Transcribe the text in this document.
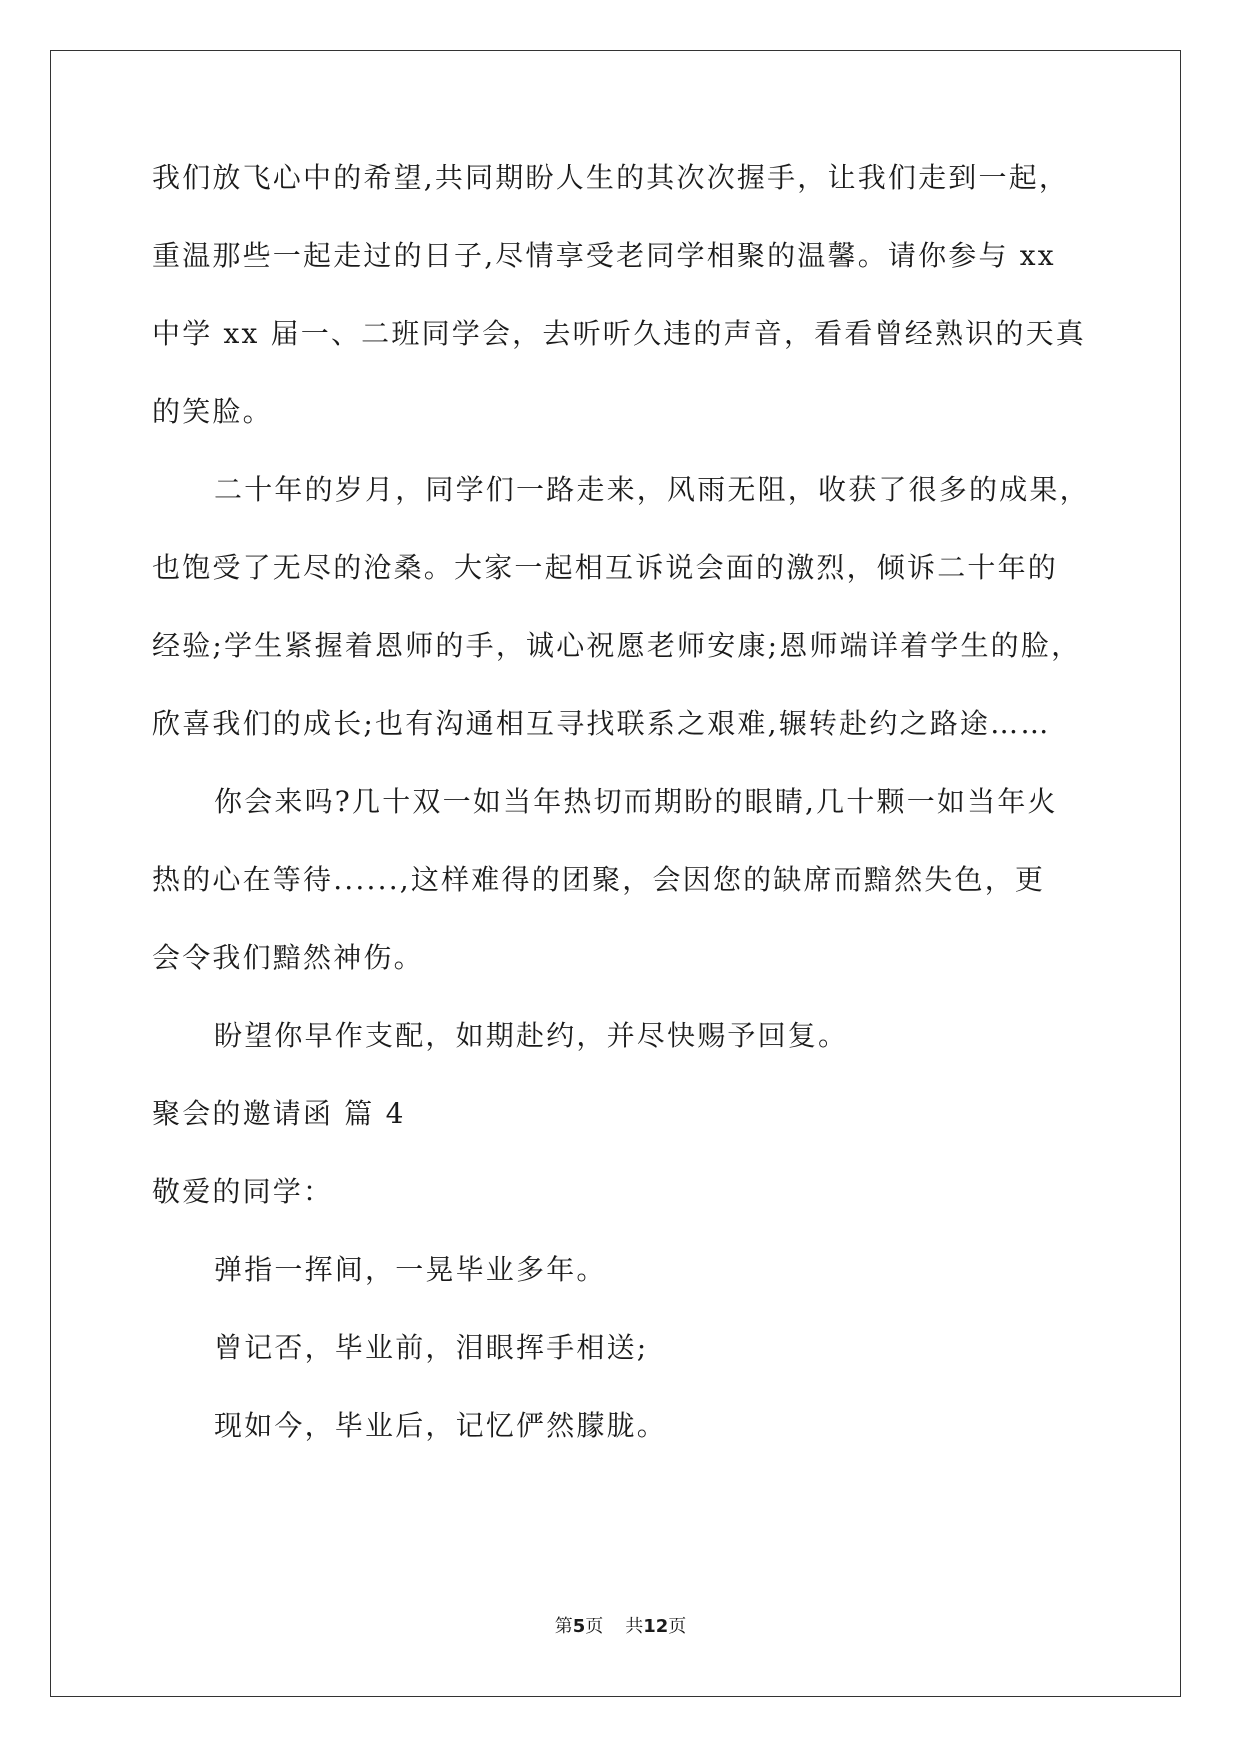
我们放飞心中的希望,共同期盼人生的其次次握手，让我们走到一起，
重温那些一起走过的日子,尽情享受老同学相聚的温馨。请你参与 xx
中学 xx 届一、二班同学会，去听听久违的声音，看看曾经熟识的天真
的笑脸。
二十年的岁月，同学们一路走来，风雨无阻，收获了很多的成果，
也饱受了无尽的沧桑。大家一起相互诉说会面的激烈，倾诉二十年的
经验;学生紧握着恩师的手，诚心祝愿老师安康;恩师端详着学生的脸，
欣喜我们的成长;也有沟通相互寻找联系之艰难,辗转赴约之路途……
你会来吗?几十双一如当年热切而期盼的眼睛,几十颗一如当年火
热的心在等待......,这样难得的团聚，会因您的缺席而黯然失色，更
会令我们黯然神伤。
盼望你早作支配，如期赴约，并尽快赐予回复。
聚会的邀请函 篇 4
敬爱的同学：
弹指一挥间，一晃毕业多年。
曾记否，毕业前，泪眼挥手相送;
现如今，毕业后，记忆俨然朦胧。
第5页 共12页
